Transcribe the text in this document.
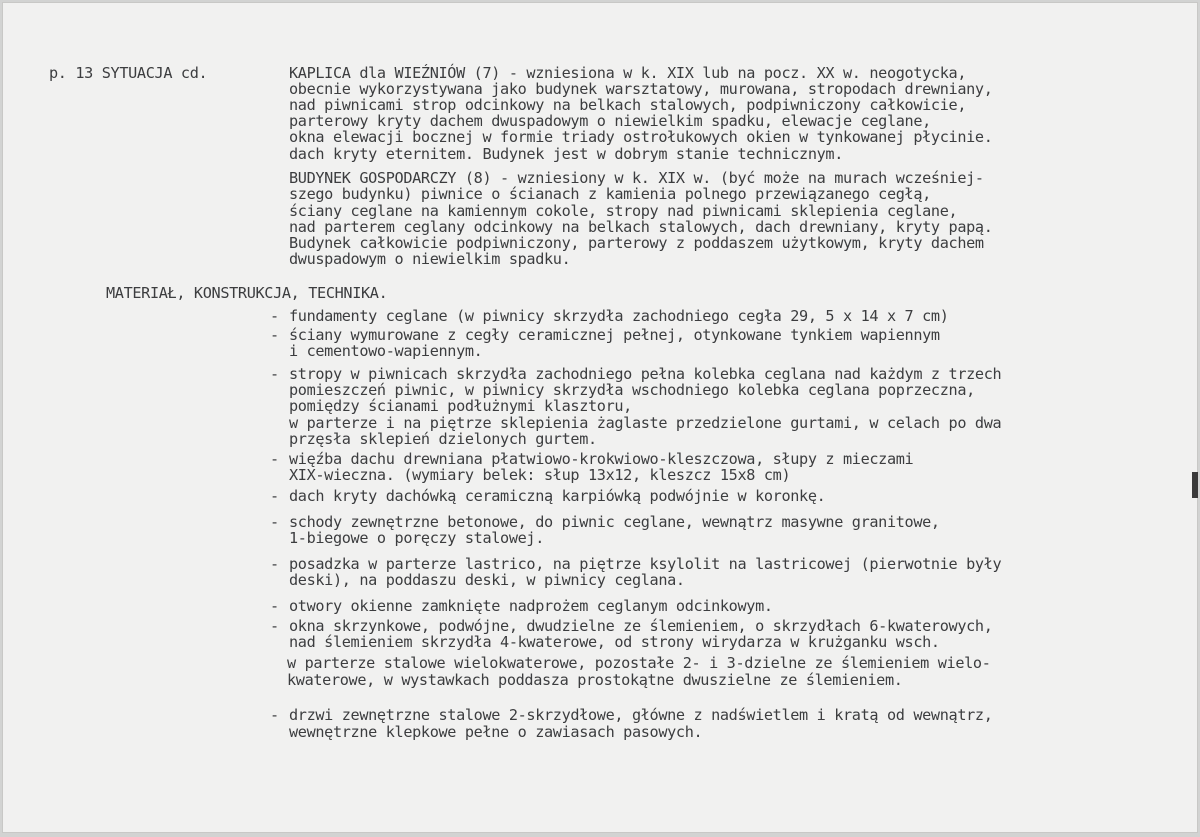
p. 13 SYTUACJA cd.	KAPLICA dla WIEŹNIÓW (7) - wzniesiona w k. XIX lub na pocz. XX w. neogotycka,
obecnie wykorzystywana jako budynek warsztatowy, murowana, stropodach drewniany,
nad piwnicami strop odcinkowy na belkach stalowych, podpiwniczony całkowicie,
parterowy kryty dachem dwuspadowym o niewielkim spadku, elewacje ceglane,
okna elewacji bocznej w formie triady ostrołukowych okien w tynkowanej płycinie.
dach kryty eternitem. Budynek jest w dobrym stanie technicznym.
BUDYNEK GOSPODARCZY (8) - wzniesiony w k. XIX w. (być może na murach wcześniej-
szego budynku) piwnice o ścianach z kamienia polnego przewiązanego cegłą,
ściany ceglane na kamiennym cokole, stropy nad piwnicami sklepienia ceglane,
nad parterem ceglany odcinkowy na belkach stalowych, dach drewniany, kryty papą.
Budynek całkowicie podpiwniczony, parterowy z poddaszem użytkowym, kryty dachem
dwuspadowym o niewielkim spadku.
MATERIAŁ, KONSTRUKCJA, TECHNIKA.
- fundamenty ceglane (w piwnicy skrzydła zachodniego cegła 29, 5 x 14 x 7 cm)
- ściany wymurowane z cegły ceramicznej pełnej, otynkowane tynkiem wapiennym
i cementowo-wapiennym.
- stropy w piwnicach skrzydła zachodniego pełna kolebka ceglana nad każdym z trzech
pomieszczeń piwnic, w piwnicy skrzydła wschodniego kolebka ceglana poprzeczna,
pomiędzy ścianami podłużnymi klasztoru,
w parterze i na piętrze sklepienia żaglaste przedzielone gurtami, w celach po dwa
przęsła sklepień dzielonych gurtem.
- więźba dachu drewniana płatwiowo-krokwiowo-kleszczowa, słupy z mieczami
XIX-wieczna. (wymiary belek: słup 13x12, kleszcz 15x8 cm)
- dach kryty dachówką ceramiczną karpiówką podwójnie w koronkę.
- schody zewnętrzne betonowe, do piwnic ceglane, wewnątrz masywne granitowe,
1-biegowe o poręczy stalowej.
- posadzka w parterze lastrico, na piętrze ksylolit na lastricowej (pierwotnie były
deski), na poddaszu deski, w piwnicy ceglana.
- otwory okienne zamknięte nadprożem ceglanym odcinkowym.
- okna skrzynkowe, podwójne, dwudzielne ze ślemieniem, o skrzydłach 6-kwaterowych,
nad ślemieniem skrzydła 4-kwaterowe, od strony wirydarza w krużganku wsch.
w parterze stalowe wielokwaterowe, pozostałe 2- i 3-dzielne ze ślemieniem wielo-
kwaterowe, w wystawkach poddasza prostokątne dwuszielne ze ślemieniem.
- drzwi zewnętrzne stalowe 2-skrzydłowe, główne z nadświetlem i kratą od wewnątrz,
wewnętrzne klepkowe pełne o zawiasach pasowych.
